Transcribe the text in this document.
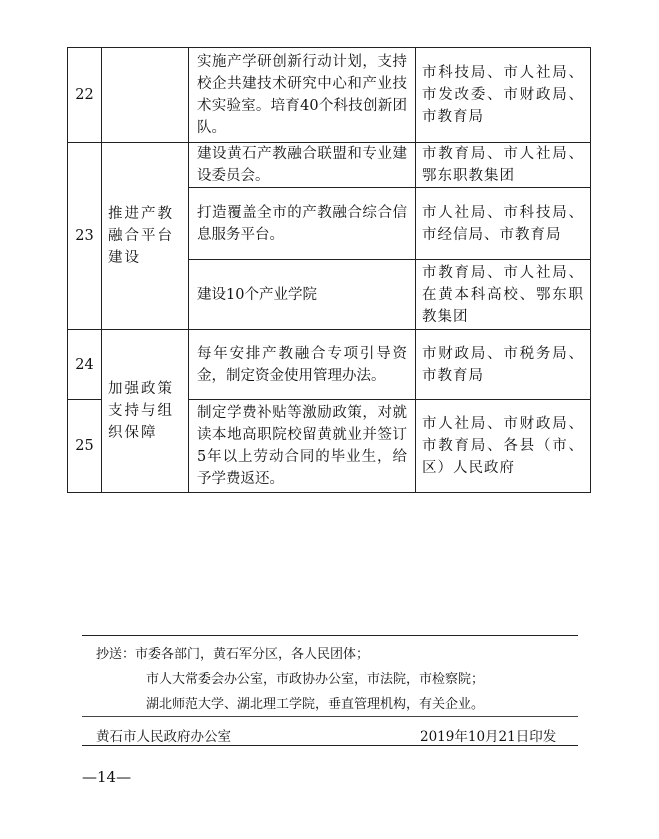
22		实施产学研创新行动计划，支持校企共建技术研究中心和产业技术实验室。培育40个科技创新团队。	市科技局、市人社局、市发改委、市财政局、市教育局
23	推进产教融合平台建设	建设黄石产教融合联盟和专业建设委员会。	市教育局、市人社局、鄂东职教集团
		打造覆盖全市的产教融合综合信息服务平台。	市人社局、市科技局、市经信局、市教育局
		建设10个产业学院	市教育局、市人社局、在黄本科高校、鄂东职教集团
24	加强政策支持与组织保障	每年安排产教融合专项引导资金，制定资金使用管理办法。	市财政局、市税务局、市教育局
25		制定学费补贴等激励政策，对就读本地高职院校留黄就业并签订5年以上劳动合同的毕业生，给予学费返还。	市人社局、市财政局、市教育局、各县（市、区）人民政府
抄送：市委各部门，黄石军分区，各人民团体；
市人大常委会办公室，市政协办公室，市法院，市检察院；
湖北师范大学、湖北理工学院，垂直管理机构，有关企业。
黄石市人民政府办公室	2019年10月21日印发
—14—
